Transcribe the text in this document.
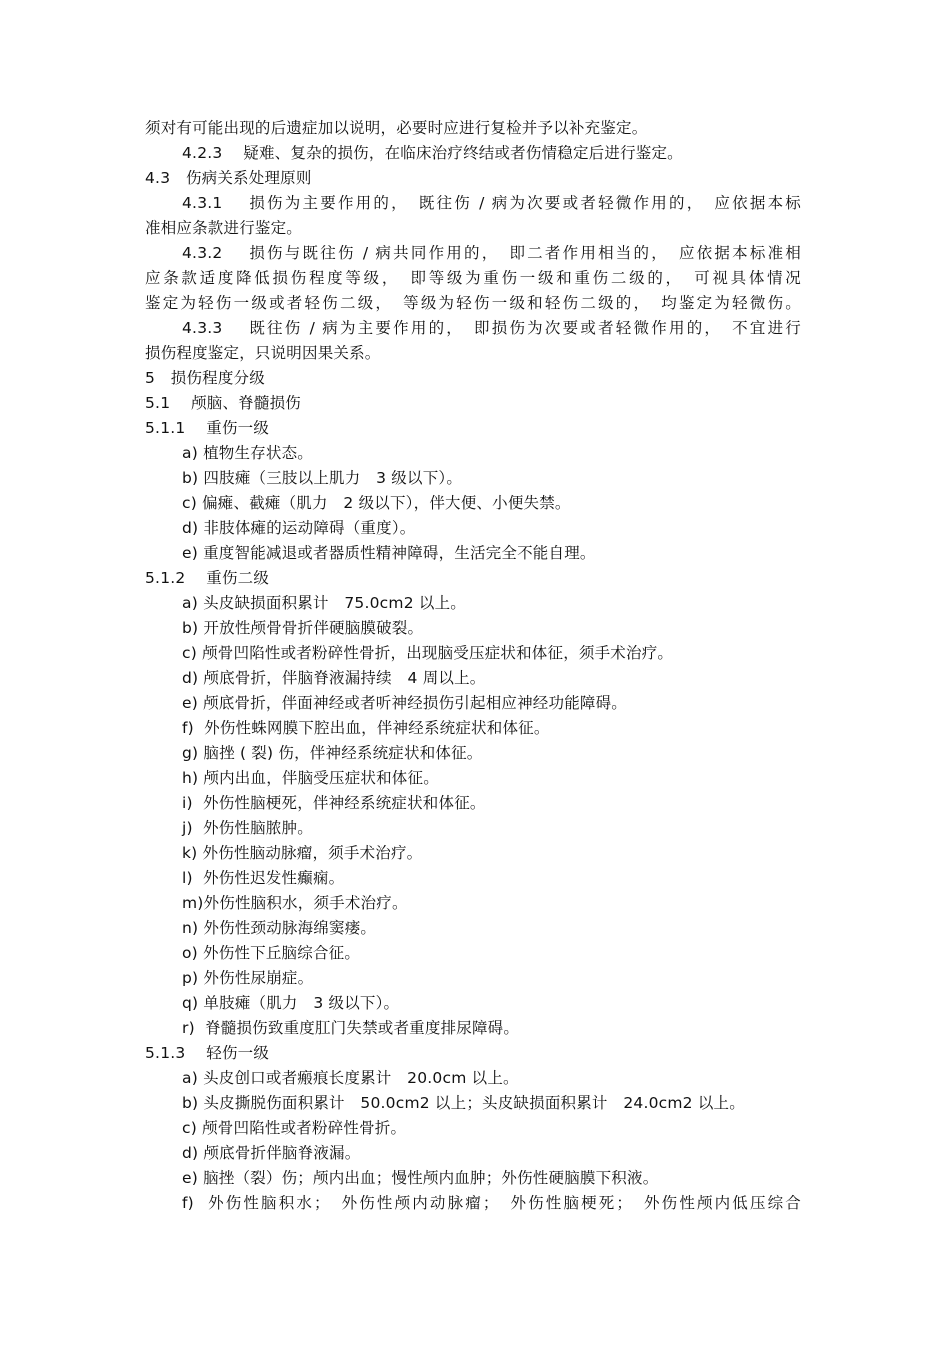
须对有可能出现的后遗症加以说明，必要时应进行复检并予以补充鉴定。
4.2.3　 疑难、复杂的损伤，在临床治疗终结或者伤情稳定后进行鉴定。
4.3　伤病关系处理原则
4.3.1　 损伤为主要作用的，　既往伤 / 病为次要或者轻微作用的，　应依据本标
准相应条款进行鉴定。
4.3.2　 损伤与既往伤 / 病共同作用的，　即二者作用相当的，　应依据本标准相
应条款适度降低损伤程度等级，　即等级为重伤一级和重伤二级的，　可视具体情况
鉴定为轻伤一级或者轻伤二级，　等级为轻伤一级和轻伤二级的，　均鉴定为轻微伤。
4.3.3　 既往伤 / 病为主要作用的，　即损伤为次要或者轻微作用的，　不宜进行
损伤程度鉴定，只说明因果关系。
5　损伤程度分级
5.1　 颅脑、脊髓损伤
5.1.1　 重伤一级
a) 植物生存状态。
b) 四肢瘫（三肢以上肌力　3 级以下）。
c) 偏瘫、截瘫（肌力　2 级以下），伴大便、小便失禁。
d) 非肢体瘫的运动障碍（重度）。
e) 重度智能减退或者器质性精神障碍，生活完全不能自理。
5.1.2　 重伤二级
a) 头皮缺损面积累计　75.0cm2 以上。
b) 开放性颅骨骨折伴硬脑膜破裂。
c) 颅骨凹陷性或者粉碎性骨折，出现脑受压症状和体征，须手术治疗。
d) 颅底骨折，伴脑脊液漏持续　4 周以上。
e) 颅底骨折，伴面神经或者听神经损伤引起相应神经功能障碍。
f)  外伤性蛛网膜下腔出血，伴神经系统症状和体征。
g) 脑挫 ( 裂) 伤，伴神经系统症状和体征。
h) 颅内出血，伴脑受压症状和体征。
i)  外伤性脑梗死，伴神经系统症状和体征。
j)  外伤性脑脓肿。
k) 外伤性脑动脉瘤，须手术治疗。
l)  外伤性迟发性癫痫。
m)外伤性脑积水，须手术治疗。
n) 外伤性颈动脉海绵窦瘘。
o) 外伤性下丘脑综合征。
p) 外伤性尿崩症。
q) 单肢瘫（肌力　3 级以下）。
r)  脊髓损伤致重度肛门失禁或者重度排尿障碍。
5.1.3　 轻伤一级
a) 头皮创口或者瘢痕长度累计　20.0cm 以上。
b) 头皮撕脱伤面积累计　50.0cm2 以上；头皮缺损面积累计　24.0cm2 以上。
c) 颅骨凹陷性或者粉碎性骨折。
d) 颅底骨折伴脑脊液漏。
e) 脑挫（裂）伤；颅内出血；慢性颅内血肿；外伤性硬脑膜下积液。
f)  外伤性脑积水；　外伤性颅内动脉瘤；　外伤性脑梗死；　外伤性颅内低压综合
